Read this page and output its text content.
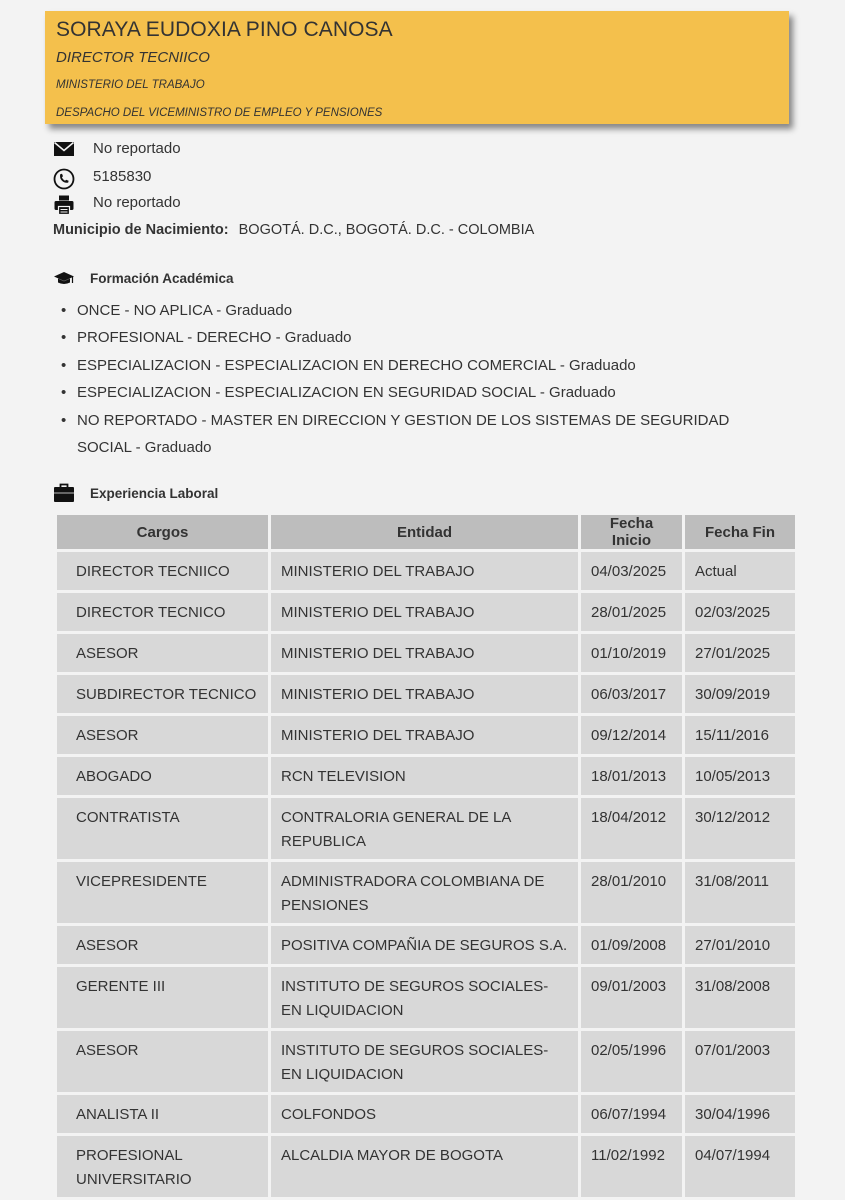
SORAYA EUDOXIA PINO CANOSA
DIRECTOR TECNIICO
MINISTERIO DEL TRABAJO
DESPACHO DEL VICEMINISTRO DE EMPLEO Y PENSIONES
No reportado
5185830
No reportado
Municipio de Nacimiento: BOGOTÁ. D.C., BOGOTÁ. D.C. - COLOMBIA
Formación Académica
• ONCE - NO APLICA - Graduado
• PROFESIONAL - DERECHO - Graduado
• ESPECIALIZACION - ESPECIALIZACION EN DERECHO COMERCIAL - Graduado
• ESPECIALIZACION - ESPECIALIZACION EN SEGURIDAD SOCIAL - Graduado
• NO REPORTADO - MASTER EN DIRECCION Y GESTION DE LOS SISTEMAS DE SEGURIDAD SOCIAL - Graduado
Experiencia Laboral
Cargos	Entidad	Fecha Inicio	Fecha Fin
DIRECTOR TECNIICO	MINISTERIO DEL TRABAJO	04/03/2025	Actual
DIRECTOR TECNICO	MINISTERIO DEL TRABAJO	28/01/2025	02/03/2025
ASESOR	MINISTERIO DEL TRABAJO	01/10/2019	27/01/2025
SUBDIRECTOR TECNICO	MINISTERIO DEL TRABAJO	06/03/2017	30/09/2019
ASESOR	MINISTERIO DEL TRABAJO	09/12/2014	15/11/2016
ABOGADO	RCN TELEVISION	18/01/2013	10/05/2013
CONTRATISTA	CONTRALORIA GENERAL DE LA REPUBLICA	18/04/2012	30/12/2012
VICEPRESIDENTE	ADMINISTRADORA COLOMBIANA DE PENSIONES	28/01/2010	31/08/2011
ASESOR	POSITIVA COMPAÑIA DE SEGUROS S.A.	01/09/2008	27/01/2010
GERENTE III	INSTITUTO DE SEGUROS SOCIALES- EN LIQUIDACION	09/01/2003	31/08/2008
ASESOR	INSTITUTO DE SEGUROS SOCIALES- EN LIQUIDACION	02/05/1996	07/01/2003
ANALISTA II	COLFONDOS	06/07/1994	30/04/1996
PROFESIONAL UNIVERSITARIO	ALCALDIA MAYOR DE BOGOTA	11/02/1992	04/07/1994
